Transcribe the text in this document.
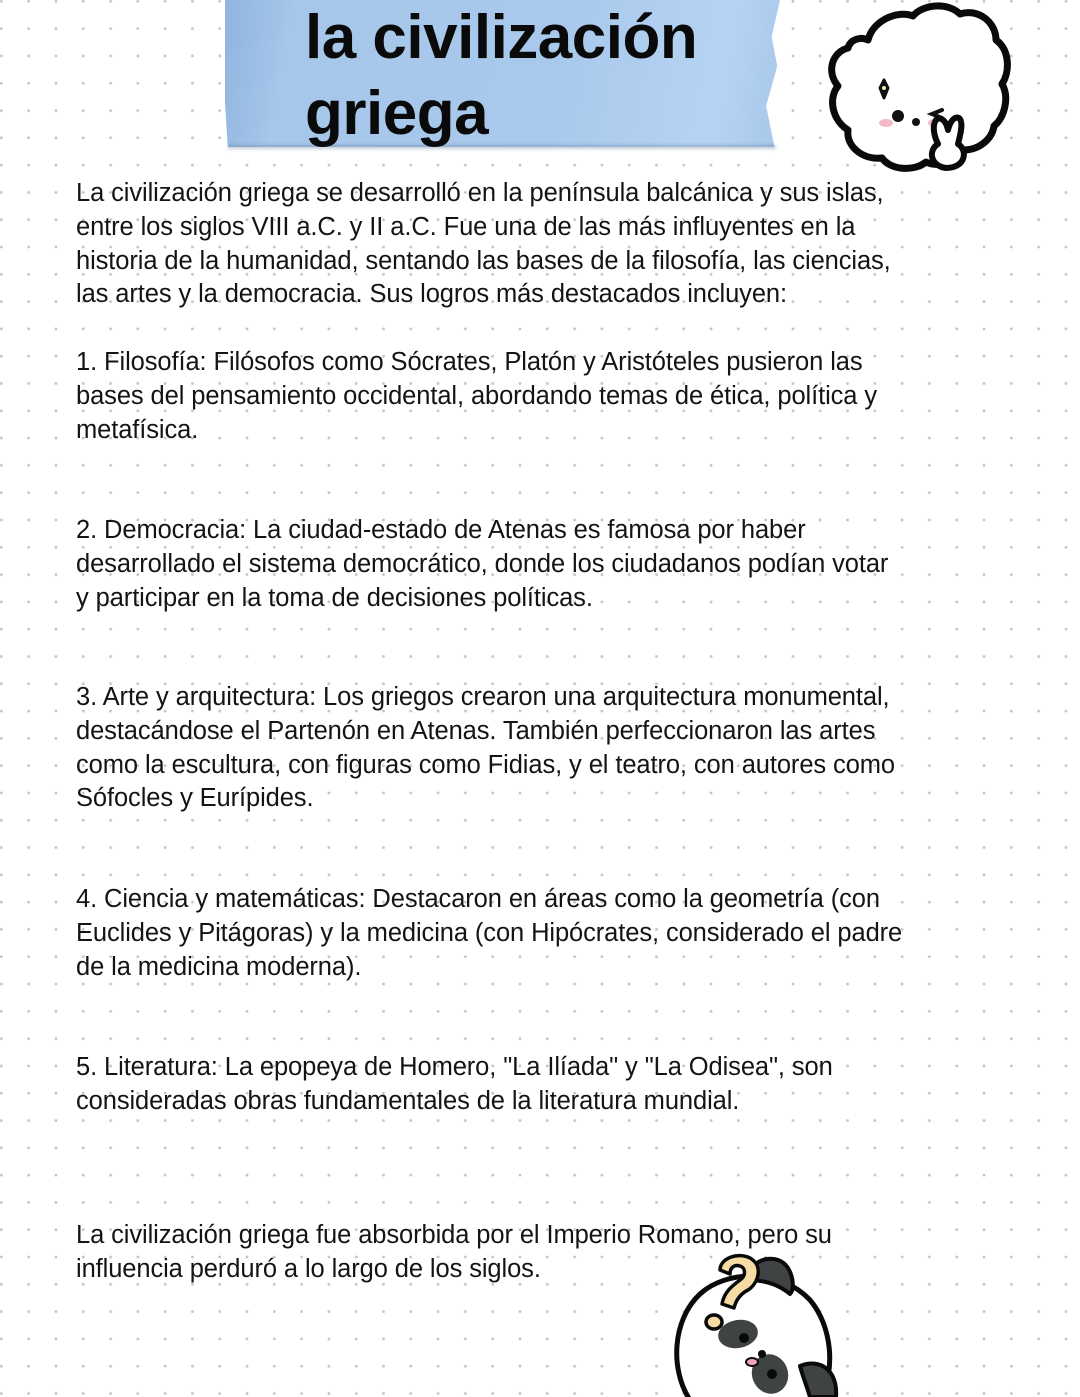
la civilización
griega

La civilización griega se desarrolló en la península balcánica y sus islas,
entre los siglos VIII a.C. y II a.C. Fue una de las más influyentes en la
historia de la humanidad, sentando las bases de la filosofía, las ciencias,
las artes y la democracia. Sus logros más destacados incluyen:

1. Filosofía: Filósofos como Sócrates, Platón y Aristóteles pusieron las
bases del pensamiento occidental, abordando temas de ética, política y
metafísica.

2. Democracia: La ciudad-estado de Atenas es famosa por haber
desarrollado el sistema democrático, donde los ciudadanos podían votar
y participar en la toma de decisiones políticas.

3. Arte y arquitectura: Los griegos crearon una arquitectura monumental,
destacándose el Partenón en Atenas. También perfeccionaron las artes
como la escultura, con figuras como Fidias, y el teatro, con autores como
Sófocles y Eurípides.

4. Ciencia y matemáticas: Destacaron en áreas como la geometría (con
Euclides y Pitágoras) y la medicina (con Hipócrates, considerado el padre
de la medicina moderna).

5. Literatura: La epopeya de Homero, "La Ilíada" y "La Odisea", son
consideradas obras fundamentales de la literatura mundial.

La civilización griega fue absorbida por el Imperio Romano, pero su
influencia perduró a lo largo de los siglos.
